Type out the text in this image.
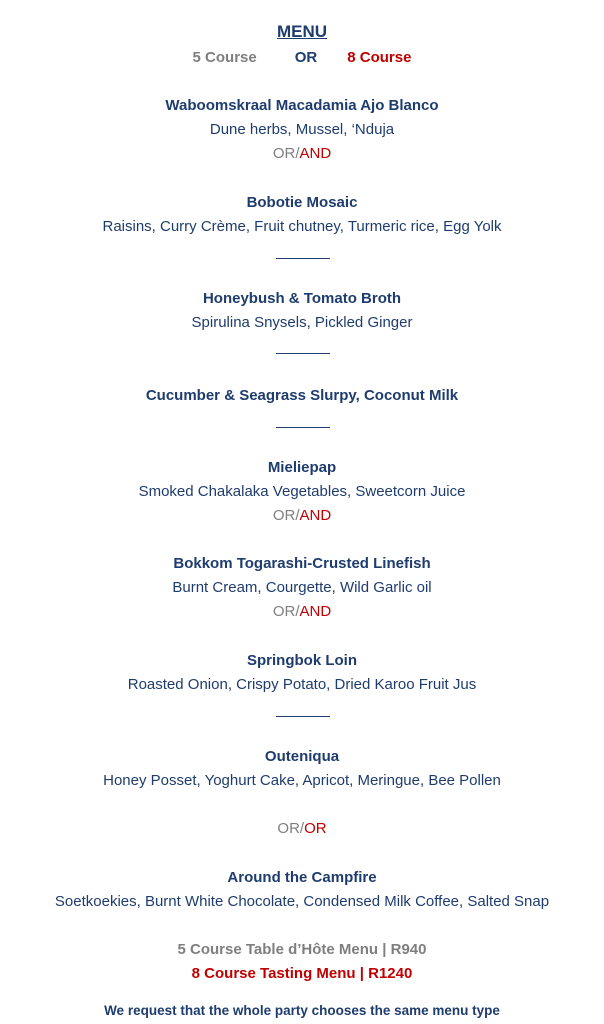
MENU
5 Course	OR 8 Course
Waboomskraal Macadamia Ajo Blanco
Dune herbs, Mussel, ‘Nduja
OR/AND
Bobotie Mosaic
Raisins, Curry Crème, Fruit chutney, Turmeric rice, Egg Yolk
Honeybush & Tomato Broth
Spirulina Snysels, Pickled Ginger
Cucumber & Seagrass Slurpy, Coconut Milk
Mieliepap
Smoked Chakalaka Vegetables, Sweetcorn Juice
OR/AND
Bokkom Togarashi-Crusted Linefish
Burnt Cream, Courgette, Wild Garlic oil
OR/AND
Springbok Loin
Roasted Onion, Crispy Potato, Dried Karoo Fruit Jus
Outeniqua
Honey Posset, Yoghurt Cake, Apricot, Meringue, Bee Pollen
OR/OR
Around the Campfire
Soetkoekies, Burnt White Chocolate, Condensed Milk Coffee, Salted Snap
5 Course Table d’Hôte Menu | R940
8 Course Tasting Menu | R1240
We request that the whole party chooses the same menu type
